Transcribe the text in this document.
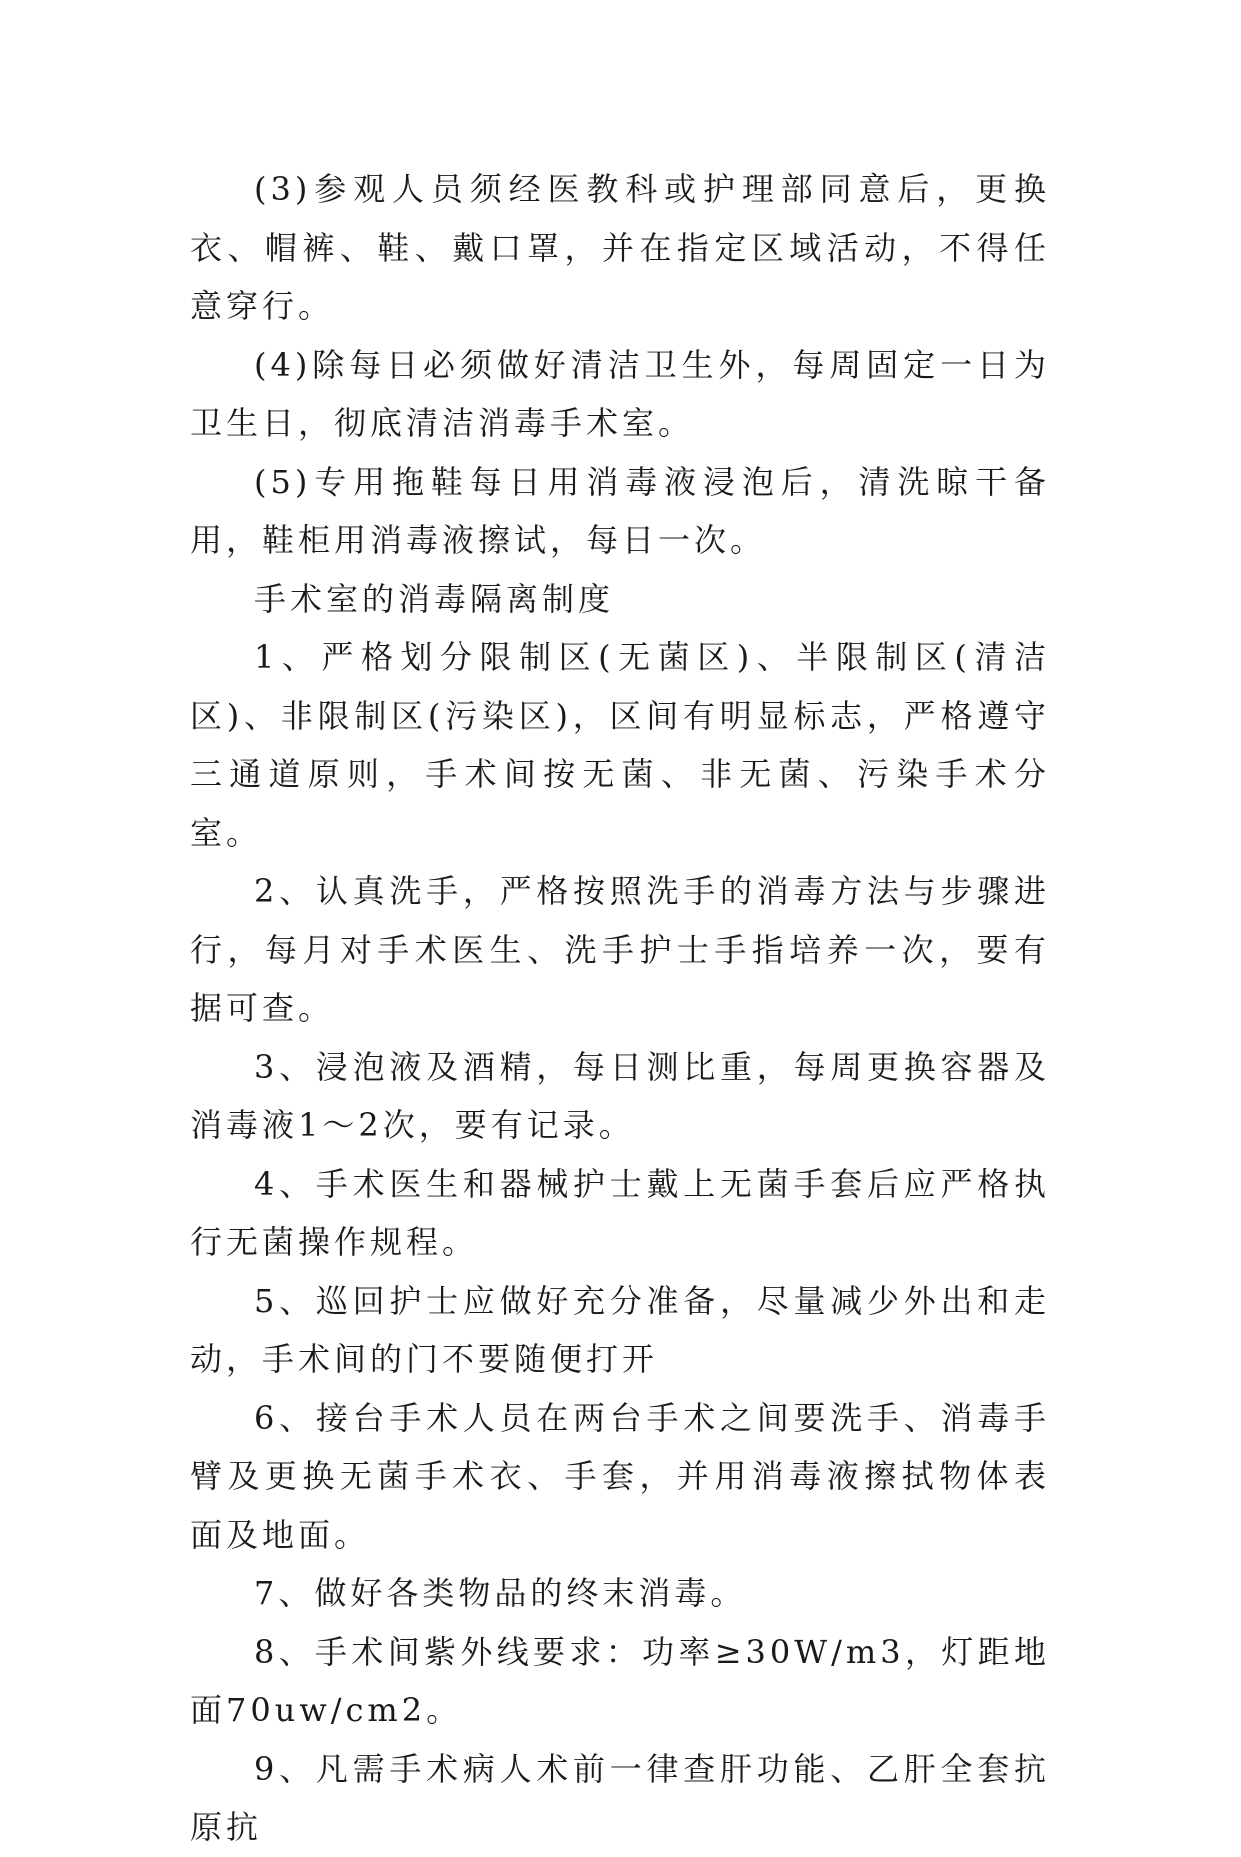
(3)参观人员须经医教科或护理部同意后，更换衣、帽裤、鞋、戴口罩，并在指定区域活动，不得任意穿行。

(4)除每日必须做好清洁卫生外，每周固定一日为卫生日，彻底清洁消毒手术室。

(5)专用拖鞋每日用消毒液浸泡后，清洗晾干备用，鞋柜用消毒液擦试，每日一次。

手术室的消毒隔离制度

1、严格划分限制区(无菌区)、半限制区(清洁区)、非限制区(污染区)，区间有明显标志，严格遵守三通道原则，手术间按无菌、非无菌、污染手术分室。

2、认真洗手，严格按照洗手的消毒方法与步骤进行，每月对手术医生、洗手护士手指培养一次，要有据可查。

3、浸泡液及酒精，每日测比重，每周更换容器及消毒液1～2次，要有记录。

4、手术医生和器械护士戴上无菌手套后应严格执行无菌操作规程。

5、巡回护士应做好充分准备，尽量减少外出和走动，手术间的门不要随便打开

6、接台手术人员在两台手术之间要洗手、消毒手臂及更换无菌手术衣、手套，并用消毒液擦拭物体表面及地面。

7、做好各类物品的终末消毒。

8、手术间紫外线要求：功率≥30W/m3，灯距地面70uw/cm2。

9、凡需手术病人术前一律查肝功能、乙肝全套抗原抗
